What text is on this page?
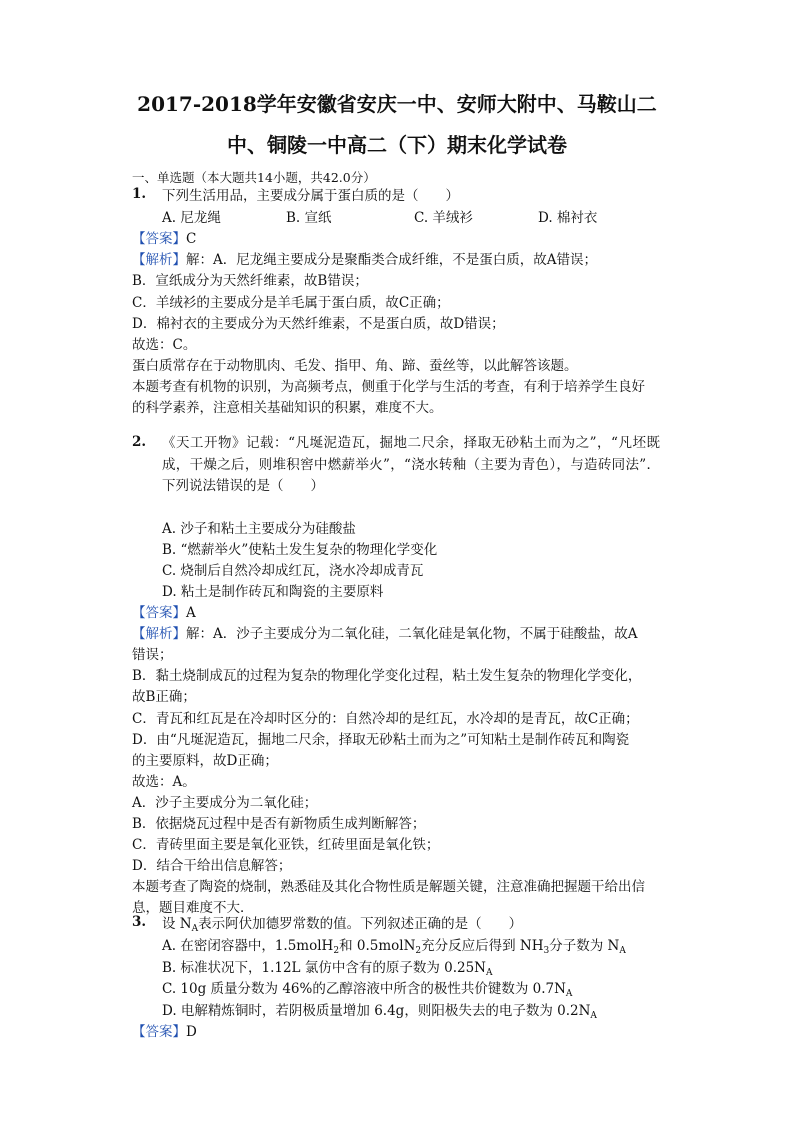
2017-2018学年安徽省安庆一中、安师大附中、马鞍山二
中、铜陵一中高二（下）期末化学试卷
一、单选题（本大题共14小题，共42.0分）
1. 下列生活用品，主要成分属于蛋白质的是（　　）

A. 尼龙绳	B. 宣纸	C. 羊绒衫	D. 棉衬衣

【答案】C

【解析】解：A．尼龙绳主要成分是聚酯类合成纤维，不是蛋白质，故A错误；

B．宣纸成分为天然纤维素，故B错误；

C．羊绒衫的主要成分是羊毛属于蛋白质，故C正确；

D．棉衬衣的主要成分为天然纤维素，不是蛋白质，故D错误；

故选：C。

蛋白质常存在于动物肌肉、毛发、指甲、角、蹄、蚕丝等，以此解答该题。

本题考查有机物的识别，为高频考点，侧重于化学与生活的考查，有利于培养学生良好

的科学素养，注意相关基础知识的积累，难度不大。

2. 《天工开物》记载：“凡埏泥造瓦，掘地二尺余，择取无砂粘土而为之”，“凡坯既成，干燥之后，则堆积窖中燃薪举火”，“浇水转釉（主要为青色），与造砖同法”．下列说法错误的是（　　）

A. 沙子和粘土主要成分为硅酸盐
B. “燃薪举火”使粘土发生复杂的物理化学变化
C. 烧制后自然冷却成红瓦，浇水冷却成青瓦
D. 粘土是制作砖瓦和陶瓷的主要原料

【答案】A

【解析】解：A．沙子主要成分为二氧化硅，二氧化硅是氧化物，不属于硅酸盐，故A

错误；

B．黏土烧制成瓦的过程为复杂的物理化学变化过程，粘土发生复杂的物理化学变化，

故B正确；

C．青瓦和红瓦是在冷却时区分的：自然冷却的是红瓦，水冷却的是青瓦，故C正确；

D．由“凡埏泥造瓦，掘地二尺余，择取无砂粘土而为之”可知粘土是制作砖瓦和陶瓷

的主要原料，故D正确；

故选：A。

A．沙子主要成分为二氧化硅；

B．依据烧瓦过程中是否有新物质生成判断解答；

C．青砖里面主要是氧化亚铁，红砖里面是氧化铁；

D．结合干给出信息解答；

本题考查了陶瓷的烧制，熟悉硅及其化合物性质是解题关键，注意准确把握题干给出信

息，题目难度不大．

3. 设 $N_A$表示阿伏加德罗常数的值。下列叙述正确的是（　　）

A. 在密闭容器中，1.5molH$_2$和 0.5molN$_2$充分反应后得到 $NH_3$分子数为 $N_A$
B. 标准状况下，1.12L 氯仿中含有的原子数为 $0.25N_A$
C. 10g 质量分数为 46%的乙醇溶液中所含的极性共价键数为 $0.7N_A$
D. 电解精炼铜时，若阴极质量增加 6.4g，则阳极失去的电子数为 $0.2N_A$

【答案】D
